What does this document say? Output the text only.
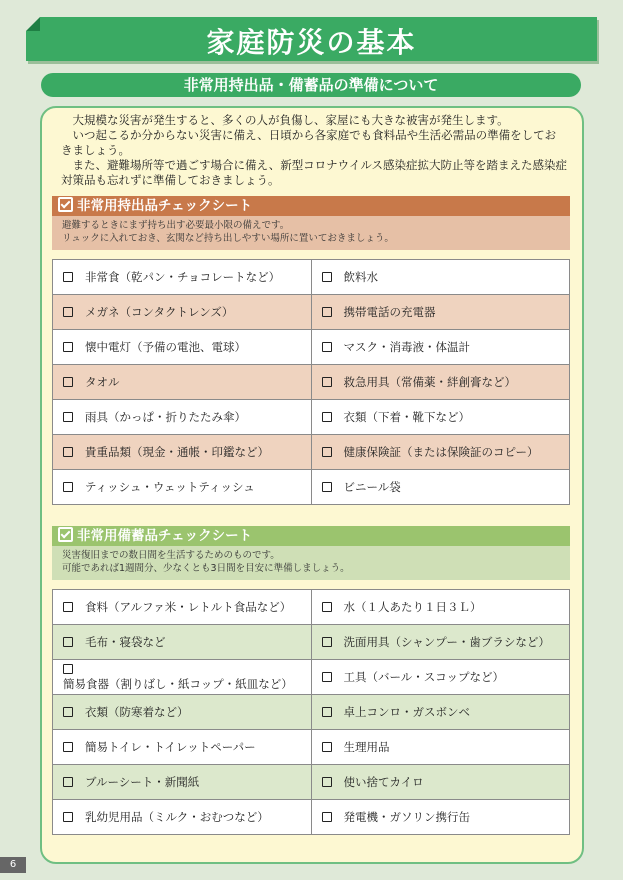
家庭防災の基本
非常用持出品・備蓄品の準備について

　大規模な災害が発生すると、多くの人が負傷し、家屋にも大きな被害が発生します。

　いつ起こるか分からない災害に備え、日頃から各家庭でも食料品や生活必需品の準備をしておきましょう。

　また、避難場所等で過ごす場合に備え、新型コロナウイルス感染症拡大防止等を踏まえた感染症対策品も忘れずに準備しておきましょう。

非常用持出品チェックシート
避難するときにまず持ち出す必要最小限の備えです。
リュックに入れておき、玄関など持ち出しやすい場所に置いておきましょう。
非常食（乾パン・チョコレートなど）	飲料水
メガネ（コンタクトレンズ）	携帯電話の充電器
懐中電灯（予備の電池、電球）	マスク・消毒液・体温計
タオル	救急用具（常備薬・絆創膏など）
雨具（かっぱ・折りたたみ傘）	衣類（下着・靴下など）
貴重品類（現金・通帳・印鑑など）	健康保険証（または保険証のコピー）
ティッシュ・ウェットティッシュ	ビニール袋
非常用備蓄品チェックシート
災害復旧までの数日間を生活するためのものです。
可能であれば1週間分、少なくとも3日間を目安に準備しましょう。
食料（アルファ米・レトルト食品など）	水（１人あたり１日３Ｌ）
毛布・寝袋など	洗面用具（シャンプー・歯ブラシなど）
簡易食器（割りばし・紙コップ・紙皿など）	工具（バール・スコップなど）
衣類（防寒着など）	卓上コンロ・ガスボンベ
簡易トイレ・トイレットペーパー	生理用品
ブルーシート・新聞紙	使い捨てカイロ
乳幼児用品（ミルク・おむつなど）	発電機・ガソリン携行缶
6
